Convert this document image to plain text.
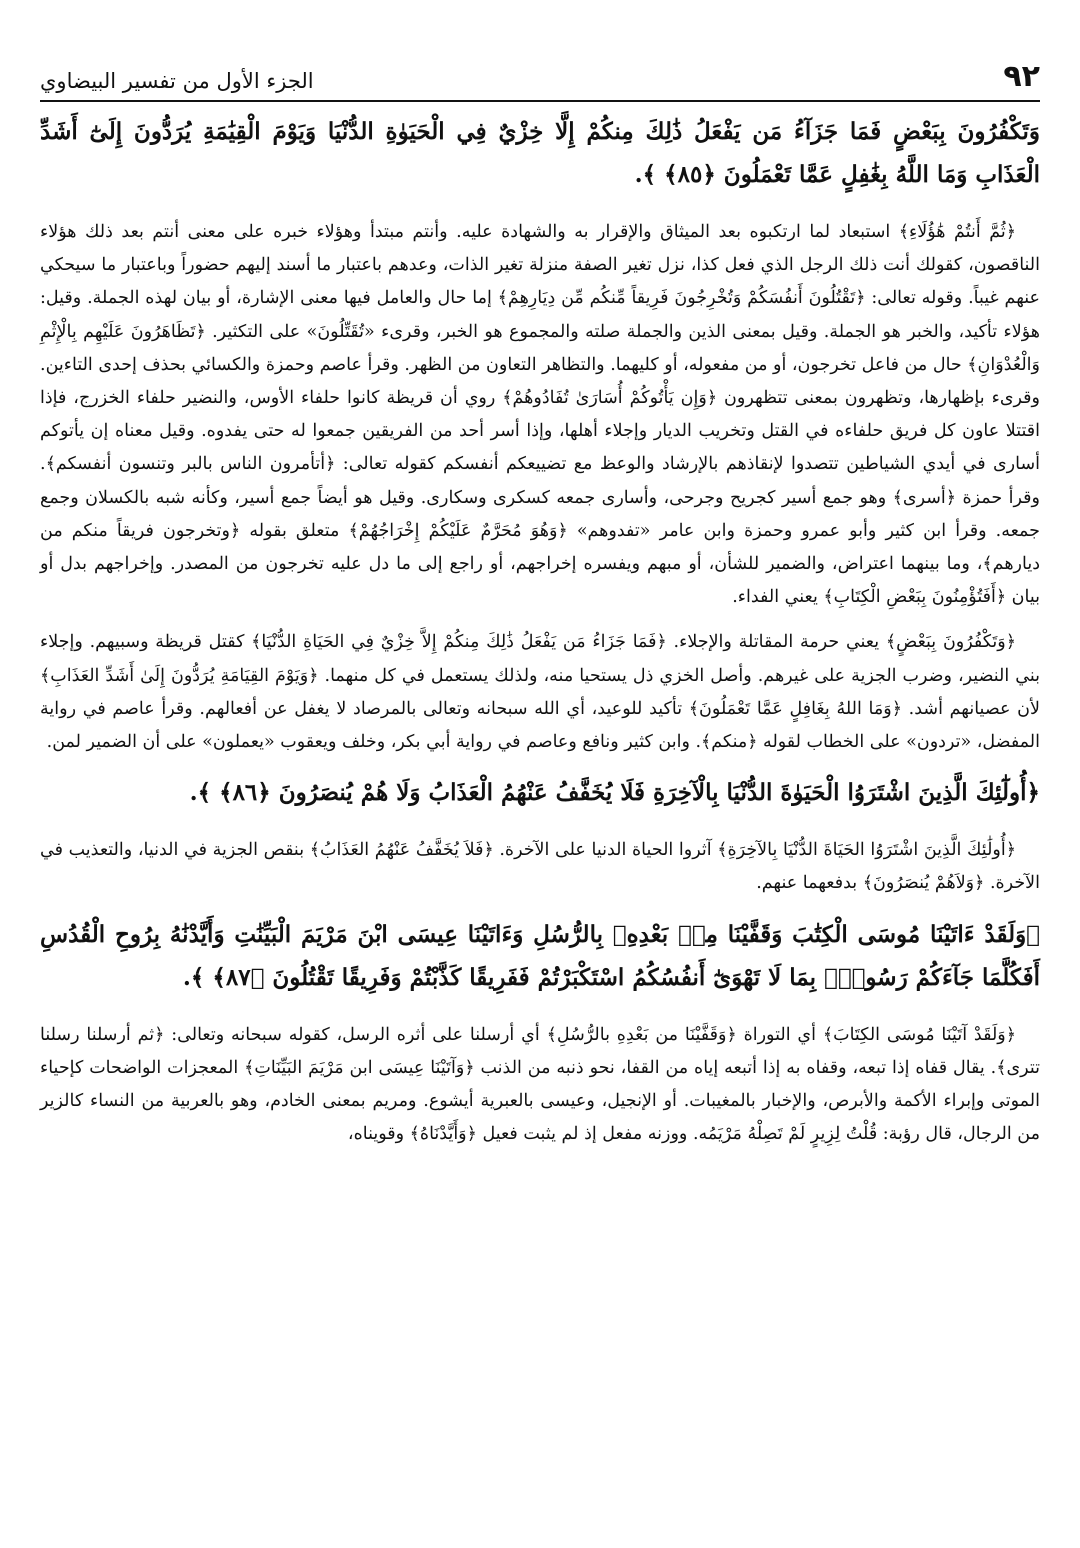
٩٢
الجزء الأول من تفسير البيضاوي

وَتَكْفُرُونَ بِبَعْضٍ فَمَا جَزَآءُ مَن يَفْعَلُ ذَٰلِكَ مِنكُمْ إِلَّا خِزْيٌ فِي الْحَيَوٰةِ الدُّنْيَا وَيَوْمَ الْقِيَٰمَةِ يُرَدُّونَ إِلَىٰٓ أَشَدِّ الْعَذَابِ وَمَا اللَّهُ بِغَٰفِلٍ عَمَّا تَعْمَلُونَ ﴿٨٥﴾ ﴾.

﴿ثُمَّ أَنتُمْ هَٰؤُلَاءِ﴾ استبعاد لما ارتكبوه بعد الميثاق والإقرار به والشهادة عليه. وأنتم مبتدأ وهؤلاء خبره على معنى أنتم بعد ذلك هؤلاء الناقصون، كقولك أنت ذلك الرجل الذي فعل كذا، نزل تغير الصفة منزلة تغير الذات، وعدهم باعتبار ما أسند إليهم حضوراً وباعتبار ما سيحكي عنهم غيباً. وقوله تعالى: ﴿تَقْتُلُونَ أَنفُسَكُمْ وَتُخْرِجُونَ فَرِيقاً مِّنكُم مِّن دِيَارِهِمْ﴾ إما حال والعامل فيها معنى الإشارة، أو بيان لهذه الجملة. وقيل: هؤلاء تأكيد، والخبر هو الجملة. وقيل بمعنى الذين والجملة صلته والمجموع هو الخبر، وقرىء «تُقَتِّلُونَ» على التكثير. ﴿تَظَاهَرُونَ عَلَيْهِم بِالْإِثْمِ وَالْعُدْوَانِ﴾ حال من فاعل تخرجون، أو من مفعوله، أو كليهما. والتظاهر التعاون من الظهر. وقرأ عاصم وحمزة والكسائي بحذف إحدى التاءين. وقرىء بإظهارها، وتظهرون بمعنى تتظهرون ﴿وَإِن يَأْتُوكُمْ أُسَارَىٰ تُفَادُوهُمْ﴾ روي أن قريظة كانوا حلفاء الأوس، والنضير حلفاء الخزرج، فإذا اقتتلا عاون كل فريق حلفاءه في القتل وتخريب الديار وإجلاء أهلها، وإذا أسر أحد من الفريقين جمعوا له حتى يفدوه. وقيل معناه إن يأتوكم أسارى في أيدي الشياطين تتصدوا لإنقاذهم بالإرشاد والوعظ مع تضييعكم أنفسكم كقوله تعالى: ﴿أتأمرون الناس بالبر وتنسون أنفسكم﴾. وقرأ حمزة ﴿أسرى﴾ وهو جمع أسير كجريح وجرحى، وأسارى جمعه كسكرى وسكارى. وقيل هو أيضاً جمع أسير، وكأنه شبه بالكسلان وجمع جمعه. وقرأ ابن كثير وأبو عمرو وحمزة وابن عامر «تفدوهم» ﴿وَهُوَ مُحَرَّمٌ عَلَيْكُمْ إِخْرَاجُهُمْ﴾ متعلق بقوله ﴿وتخرجون فريقاً منكم من ديارهم﴾، وما بينهما اعتراض، والضمير للشأن، أو مبهم ويفسره إخراجهم، أو راجع إلى ما دل عليه تخرجون من المصدر. وإخراجهم بدل أو بيان ﴿أَفَتُؤْمِنُونَ بِبَعْضِ الْكِتَابِ﴾ يعني الفداء.

﴿وَتَكْفُرُونَ بِبَعْضٍ﴾ يعني حرمة المقاتلة والإجلاء. ﴿فَمَا جَزَاءُ مَن يَفْعَلُ ذَٰلِكَ مِنكُمْ إِلاَّ خِزْيٌ فِي الحَيَاةِ الدُّنْيَا﴾ كقتل قريظة وسبيهم. وإجلاء بني النضير، وضرب الجزية على غيرهم. وأصل الخزي ذل يستحيا منه، ولذلك يستعمل في كل منهما. ﴿وَيَوْمَ القِيَامَةِ يُرَدُّونَ إِلَىٰ أَشَدِّ العَذَابِ﴾ لأن عصيانهم أشد. ﴿وَمَا اللهُ بِغَافِلٍ عَمَّا تَعْمَلُونَ﴾ تأكيد للوعيد، أي الله سبحانه وتعالى بالمرصاد لا يغفل عن أفعالهم. وقرأ عاصم في رواية المفضل، «تردون» على الخطاب لقوله ﴿منكم﴾. وابن كثير ونافع وعاصم في رواية أبي بكر، وخلف ويعقوب «يعملون» على أن الضمير لمن.

﴿أُولَٰٓئِكَ الَّذِينَ اشْتَرَوُا الْحَيَوٰةَ الدُّنْيَا بِالْآخِرَةِ فَلَا يُخَفَّفُ عَنْهُمُ الْعَذَابُ وَلَا هُمْ يُنصَرُونَ ﴿٨٦﴾ ﴾.

﴿أُولَٰئِكَ الَّذِينَ اشْتَرَوُا الحَيَاةَ الدُّنْيَا بِالآخِرَةِ﴾ آثروا الحياة الدنيا على الآخرة. ﴿فَلاَ يُخَفَّفُ عَنْهُمُ العَذَابُ﴾ بنقص الجزية في الدنيا، والتعذيب في الآخرة. ﴿وَلاَهُمْ يُنصَرُونَ﴾ بدفعهما عنهم.

﴿وَلَقَدْ ءَاتَيْنَا مُوسَى الْكِتَٰبَ وَقَفَّيْنَا مِنۢ بَعْدِهِۦ بِالرُّسُلِ وَءَاتَيْنَا عِيسَى ابْنَ مَرْيَمَ الْبَيِّنَٰتِ وَأَيَّدْنَٰهُ بِرُوحِ الْقُدُسِ أَفَكُلَّمَا جَآءَكُمْ رَسُولٌۢ بِمَا لَا تَهْوَىٰٓ أَنفُسُكُمُ اسْتَكْبَرْتُمْ فَفَرِيقًا كَذَّبْتُمْ وَفَرِيقًا تَقْتُلُونَ ﴿٨٧﴾ ﴾.

﴿وَلَقَدْ آتَيْنَا مُوسَى الكِتَابَ﴾ أي التوراة ﴿وَقَفَّيْنَا من بَعْدِهِ بالرُّسُلِ﴾ أي أرسلنا على أثره الرسل، كقوله سبحانه وتعالى: ﴿ثم أرسلنا رسلنا تترى﴾. يقال قفاه إذا تبعه، وقفاه به إذا أتبعه إياه من القفا، نحو ذنبه من الذنب ﴿وَآتَيْنَا عِيسَى ابن مَرْيَمَ البَيِّنَاتِ﴾ المعجزات الواضحات كإحياء الموتى وإبراء الأكمة والأبرص، والإخبار بالمغيبات. أو الإنجيل، وعيسى بالعبرية أيشوع. ومريم بمعنى الخادم، وهو بالعربية من النساء كالزير من الرجال، قال رؤبة: قُلْتُ لِزِيرٍ لَمْ تَصِلْهُ مَرْيَمُه. ووزنه مفعل إذ لم يثبت فعيل ﴿وَأَيَّدْنَاهُ﴾ وقويناه،
